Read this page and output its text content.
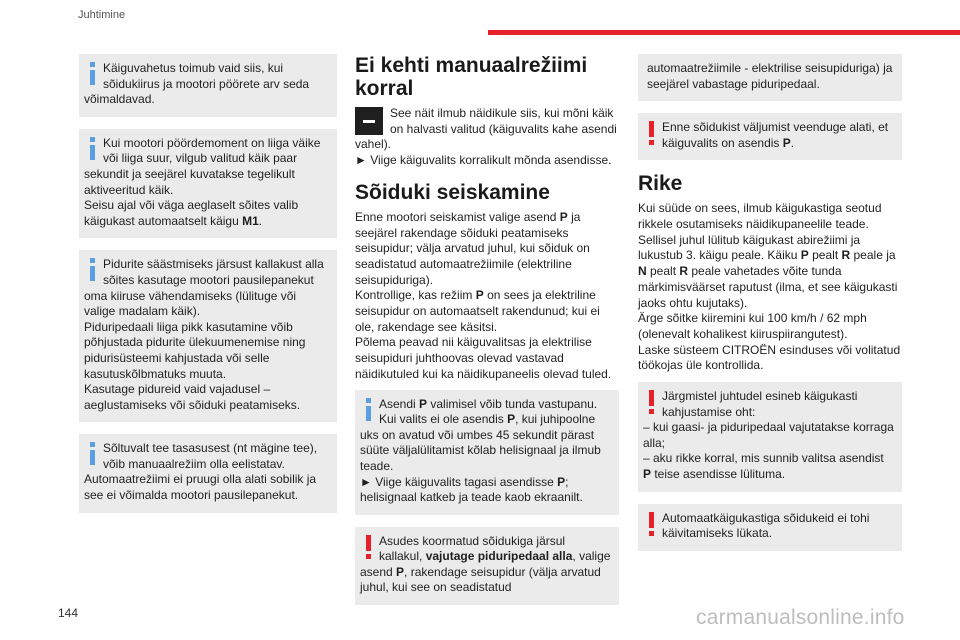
Juhtimine
Käiguvahetus toimub vaid siis, kui sõidukiirus ja mootori pöörete arv seda võimaldavad.
Kui mootori pöördemoment on liiga väike või liiga suur, vilgub valitud käik paar sekundit ja seejärel kuvatakse tegelikult aktiveeritud käik.
Seisu ajal või väga aeglaselt sõites valib käigukast automaatselt käigu M1.
Pidurite säästmiseks järsust kallakust alla sõites kasutage mootori pausilepanekut oma kiiruse vähendamiseks (lülituge või valige madalam käik).
Piduripedaali liiga pikk kasutamine võib põhjustada pidurite ülekuumenemise ning pidurisüsteemi kahjustada või selle kasutuskõlbmatuks muuta.
Kasutage pidureid vaid vajadusel – aeglustamiseks või sõiduki peatamiseks.
Sõltuvalt tee tasasusest (nt mägine tee), võib manuaalrežiim olla eelistatav.
Automaatrežiimi ei pruugi olla alati sobilik ja see ei võimalda mootori pausilepanekut.
Ei kehti manuaalrežiimi korral
See näit ilmub näidikule siis, kui mõni käik on halvasti valitud (käiguvalits kahe asendi vahel).
► Viige käiguvalits korralikult mõnda asendisse.
Sõiduki seiskamine
Enne mootori seiskamist valige asend P ja seejärel rakendage sõiduki peatamiseks seisupidur; välja arvatud juhul, kui sõiduk on seadistatud automaatrežiimile (elektriline seisupiduriga).
Kontrollige, kas režiim P on sees ja elektriline seisupidur on automaatselt rakendunud; kui ei ole, rakendage see käsitsi.
Põlema peavad nii käiguvalitsas ja elektrilise seisupiduri juhthoovas olevad vastavad näidikutuled kui ka näidikupaneelis olevad tuled.
Asendi P valimisel võib tunda vastupanu. Kui valits ei ole asendis P, kui juhipoolne uks on avatud või umbes 45 sekundit pärast süüte väljalülitamist kõlab helisignaal ja ilmub teade.
► Viige käiguvalits tagasi asendisse P; helisignaal katkeb ja teade kaob ekraanilt.
Asudes koormatud sõidukiga järsul kallakul, vajutage piduripedaal alla, valige asend P, rakendage seisupidur (välja arvatud juhul, kui see on seadistatud
automaatrežiimile - elektrilise seisupiduriga) ja seejärel vabastage piduripedaal.
Enne sõidukist väljumist veenduge alati, et käiguvalits on asendis P.
Rike
Kui süüde on sees, ilmub käigukastiga seotud rikkele osutamiseks näidikupaneelile teade.
Sellisel juhul lülitub käigukast abirežiimi ja lukustub 3. käigu peale. Käiku P pealt R peale ja N pealt R peale vahetades võite tunda märkimisväärset raputust (ilma, et see käigukasti jaoks ohtu kujutaks).
Ärge sõitke kiiremini kui 100 km/h / 62 mph (olenevalt kohalikest kiiruspiirangutest).
Laske süsteem CITROËN esinduses või volitatud töökojas üle kontrollida.
Järgmistel juhtudel esineb käigukasti kahjustamise oht:
– kui gaasi- ja piduripedaal vajutatakse korraga alla;
– aku rikke korral, mis sunnib valitsa asendist P teise asendisse lülituma.
Automaatkäigukastiga sõidukeid ei tohi käivitamiseks lükata.
144	carmanualsonline.info
